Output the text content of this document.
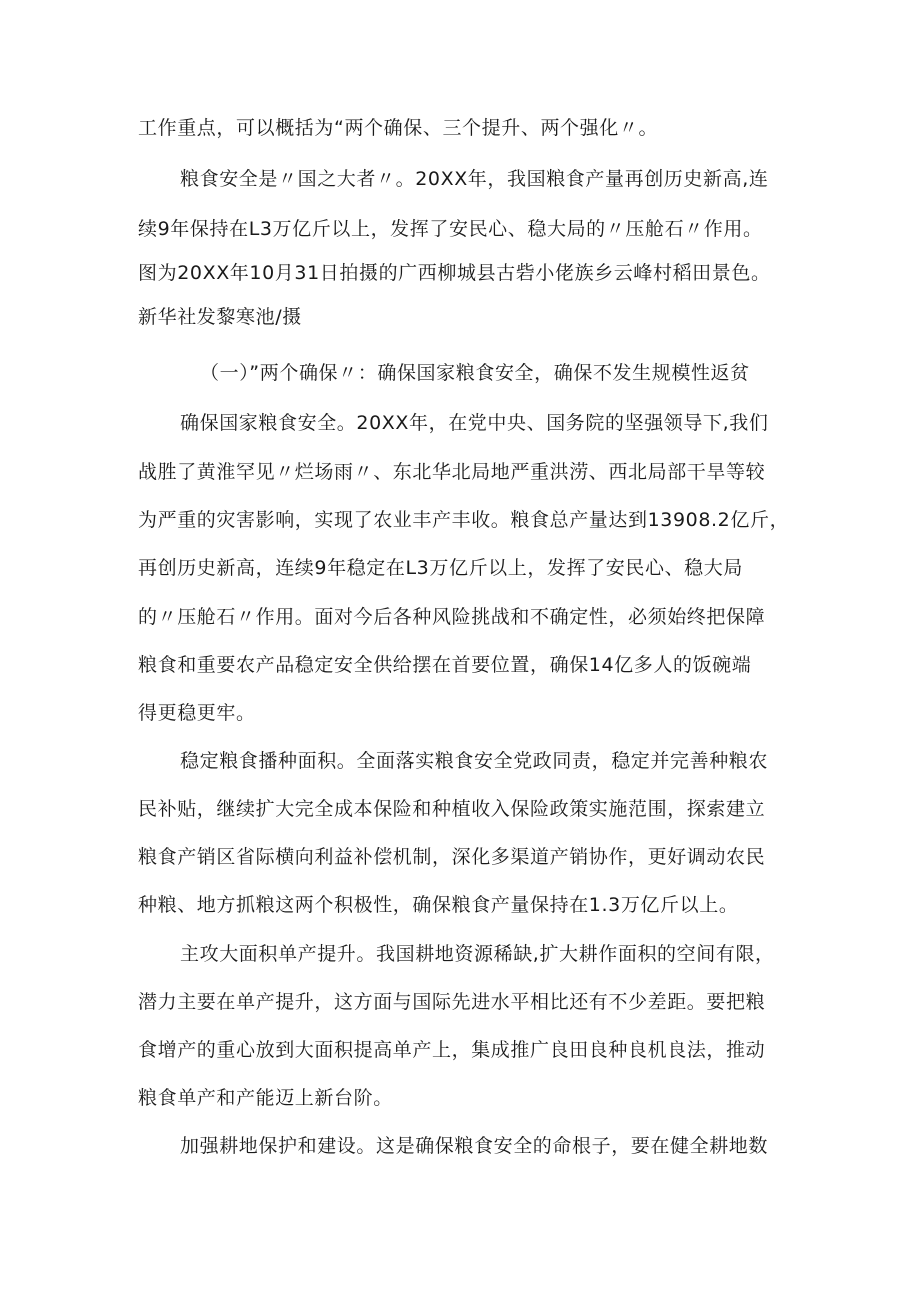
工作重点，可以概括为“两个确保、三个提升、两个强化〃。
粮食安全是〃国之大者〃。20XX年，我国粮食产量再创历史新高,连
续9年保持在L3万亿斤以上，发挥了安民心、稳大局的〃压舱石〃作用。
图为20XX年10月31日拍摄的广西柳城县古砦小佬族乡云峰村稻田景色。
新华社发黎寒池/摄
（一）”两个确保〃：确保国家粮食安全，确保不发生规模性返贫
确保国家粮食安全。20XX年，在党中央、国务院的坚强领导下,我们
战胜了黄淮罕见〃烂场雨〃、东北华北局地严重洪涝、西北局部干旱等较
为严重的灾害影响，实现了农业丰产丰收。粮食总产量达到13908.2亿斤，
再创历史新高，连续9年稳定在L3万亿斤以上，发挥了安民心、稳大局
的〃压舱石〃作用。面对今后各种风险挑战和不确定性，必须始终把保障
粮食和重要农产品稳定安全供给摆在首要位置，确保14亿多人的饭碗端
得更稳更牢。
稳定粮食播种面积。全面落实粮食安全党政同责，稳定并完善种粮农
民补贴，继续扩大完全成本保险和种植收入保险政策实施范围，探索建立
粮食产销区省际横向利益补偿机制，深化多渠道产销协作，更好调动农民
种粮、地方抓粮这两个积极性，确保粮食产量保持在1.3万亿斤以上。
主攻大面积单产提升。我国耕地资源稀缺,扩大耕作面积的空间有限，
潜力主要在单产提升，这方面与国际先进水平相比还有不少差距。要把粮
食增产的重心放到大面积提高单产上，集成推广良田良种良机良法，推动
粮食单产和产能迈上新台阶。
加强耕地保护和建设。这是确保粮食安全的命根子，要在健全耕地数
